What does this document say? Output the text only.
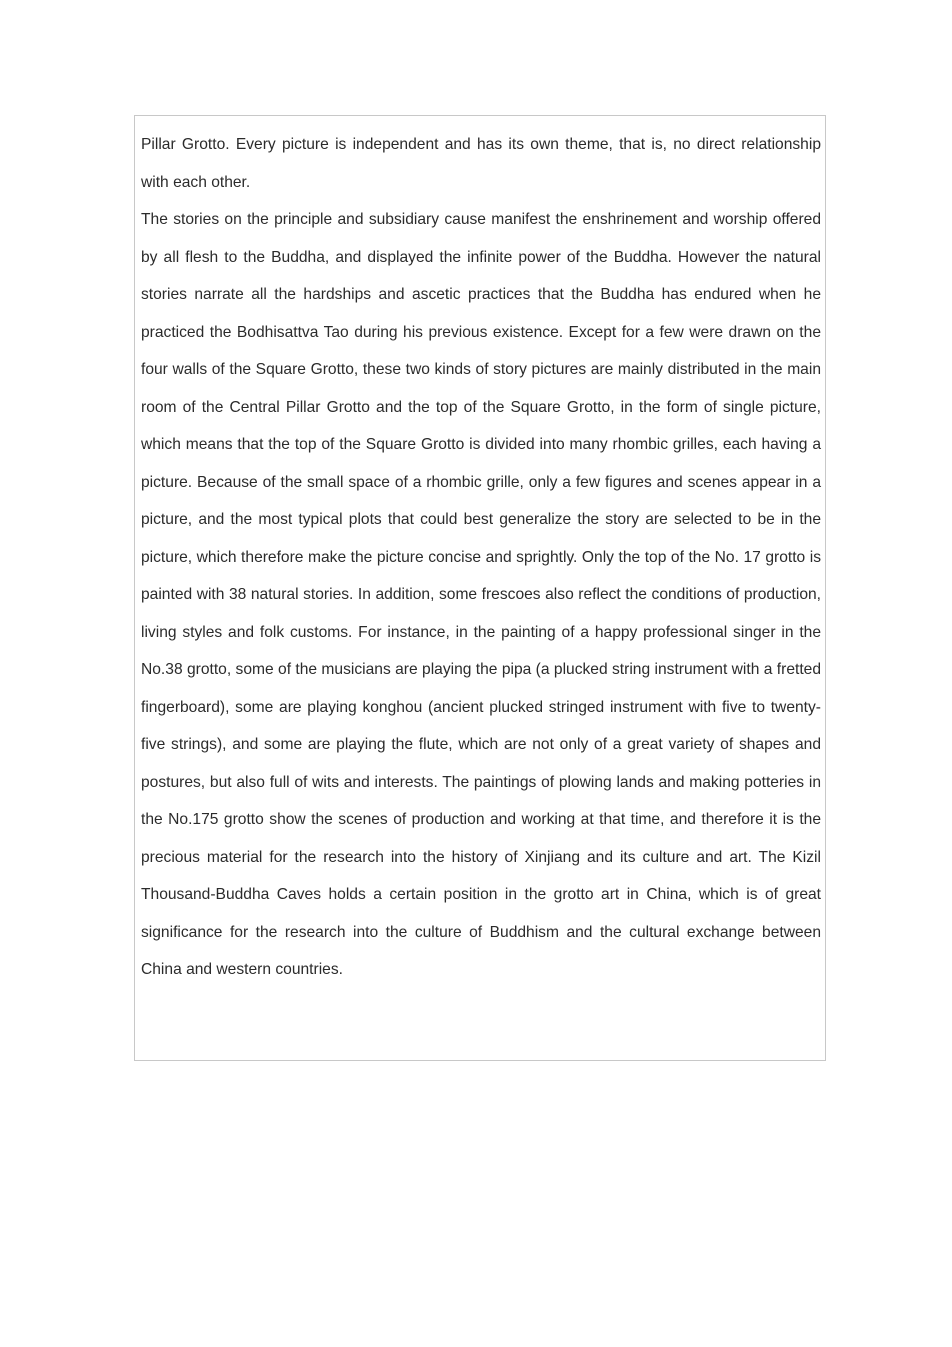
Pillar Grotto. Every picture is independent and has its own theme, that is, no direct relationship with each other.

The stories on the principle and subsidiary cause manifest the enshrinement and worship offered by all flesh to the Buddha, and displayed the infinite power of the Buddha. However the natural stories narrate all the hardships and ascetic practices that the Buddha has endured when he practiced the Bodhisattva Tao during his previous existence. Except for a few were drawn on the four walls of the Square Grotto, these two kinds of story pictures are mainly distributed in the main room of the Central Pillar Grotto and the top of the Square Grotto, in the form of single picture, which means that the top of the Square Grotto is divided into many rhombic grilles, each having a picture. Because of the small space of a rhombic grille, only a few figures and scenes appear in a picture, and the most typical plots that could best generalize the story are selected to be in the picture, which therefore make the picture concise and sprightly. Only the top of the No. 17 grotto is painted with 38 natural stories. In addition, some frescoes also reflect the conditions of production, living styles and folk customs. For instance, in the painting of a happy professional singer in the No.38 grotto, some of the musicians are playing the pipa (a plucked string instrument with a fretted fingerboard), some are playing konghou (ancient plucked stringed instrument with five to twenty-five strings), and some are playing the flute, which are not only of a great variety of shapes and postures, but also full of wits and interests. The paintings of plowing lands and making potteries in the No.175 grotto show the scenes of production and working at that time, and therefore it is the precious material for the research into the history of Xinjiang and its culture and art. The Kizil Thousand-Buddha Caves holds a certain position in the grotto art in China, which is of great significance for the research into the culture of Buddhism and the cultural exchange between China and western countries.
